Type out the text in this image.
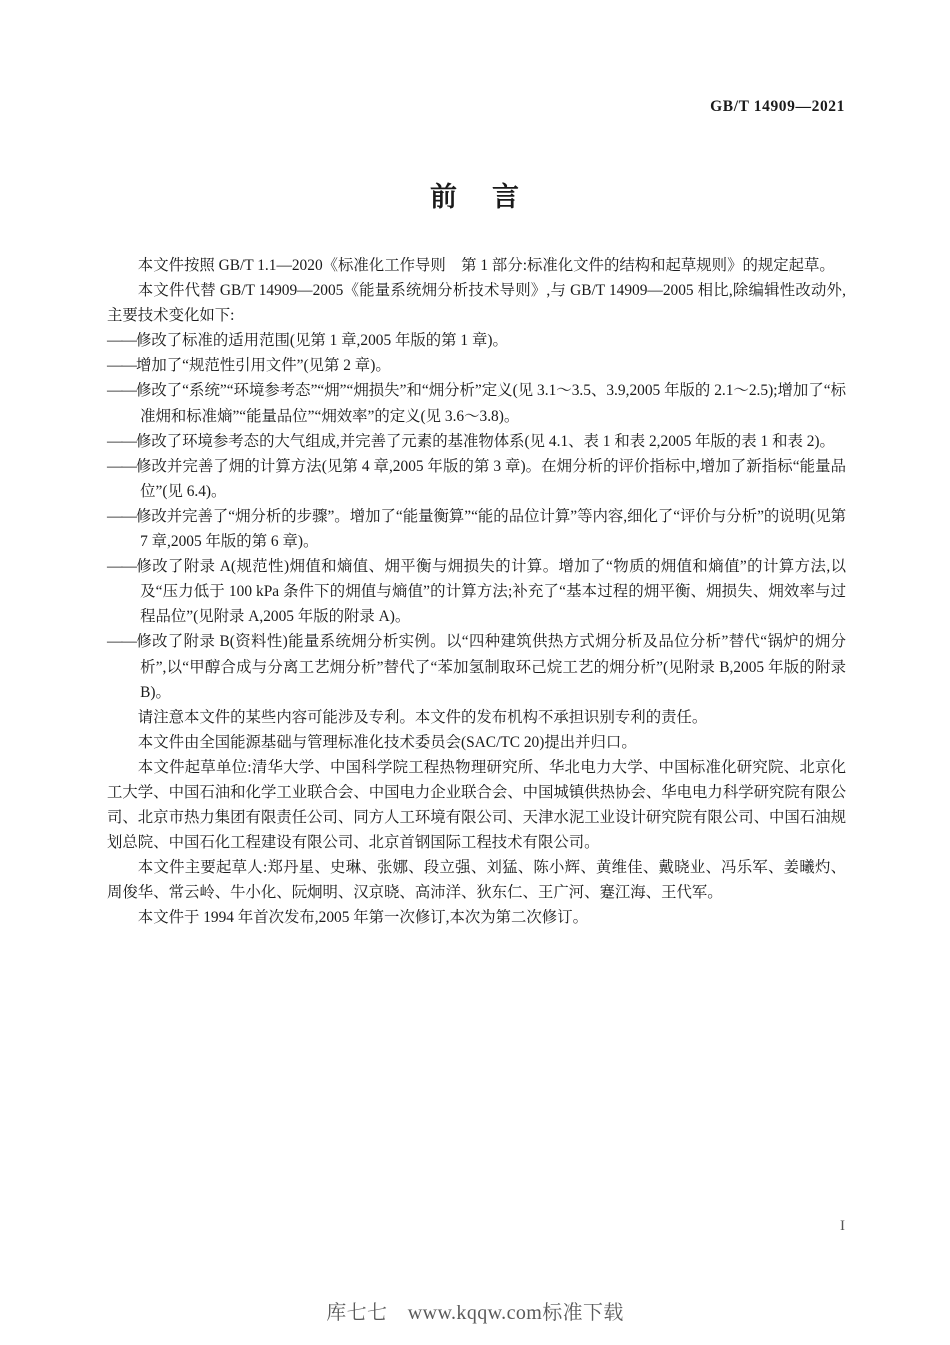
GB/T 14909—2021
前 言

本文件按照 GB/T 1.1—2020《标准化工作导则　第 1 部分:标准化文件的结构和起草规则》的规定起草。

本文件代替 GB/T 14909—2005《能量系统㶲分析技术导则》,与 GB/T 14909—2005 相比,除编辑性改动外,主要技术变化如下:

——修改了标准的适用范围(见第 1 章,2005 年版的第 1 章)。

——增加了“规范性引用文件”(见第 2 章)。

——修改了“系统”“环境参考态”“㶲”“㶲损失”和“㶲分析”定义(见 3.1～3.5、3.9,2005 年版的 2.1～2.5);增加了“标准㶲和标准熵”“能量品位”“㶲效率”的定义(见 3.6～3.8)。

——修改了环境参考态的大气组成,并完善了元素的基准物体系(见 4.1、表 1 和表 2,2005 年版的表 1 和表 2)。

——修改并完善了㶲的计算方法(见第 4 章,2005 年版的第 3 章)。在㶲分析的评价指标中,增加了新指标“能量品位”(见 6.4)。

——修改并完善了“㶲分析的步骤”。增加了“能量衡算”“能的品位计算”等内容,细化了“评价与分析”的说明(见第 7 章,2005 年版的第 6 章)。

——修改了附录 A(规范性)㶲值和熵值、㶲平衡与㶲损失的计算。增加了“物质的㶲值和熵值”的计算方法,以及“压力低于 100 kPa 条件下的㶲值与熵值”的计算方法;补充了“基本过程的㶲平衡、㶲损失、㶲效率与过程品位”(见附录 A,2005 年版的附录 A)。

——修改了附录 B(资料性)能量系统㶲分析实例。以“四种建筑供热方式㶲分析及品位分析”替代“锅炉的㶲分析”,以“甲醇合成与分离工艺㶲分析”替代了“苯加氢制取环己烷工艺的㶲分析”(见附录 B,2005 年版的附录 B)。

请注意本文件的某些内容可能涉及专利。本文件的发布机构不承担识别专利的责任。

本文件由全国能源基础与管理标准化技术委员会(SAC/TC 20)提出并归口。

本文件起草单位:清华大学、中国科学院工程热物理研究所、华北电力大学、中国标准化研究院、北京化工大学、中国石油和化学工业联合会、中国电力企业联合会、中国城镇供热协会、华电电力科学研究院有限公司、北京市热力集团有限责任公司、同方人工环境有限公司、天津水泥工业设计研究院有限公司、中国石油规划总院、中国石化工程建设有限公司、北京首钢国际工程技术有限公司。

本文件主要起草人:郑丹星、史琳、张娜、段立强、刘猛、陈小辉、黄维佳、戴晓业、冯乐军、姜曦灼、周俊华、常云岭、牛小化、阮炯明、汉京晓、高沛洋、狄东仁、王广河、蹇江海、王代军。

本文件于 1994 年首次发布,2005 年第一次修订,本次为第二次修订。

I
库七七　www.kqqw.com标准下载
